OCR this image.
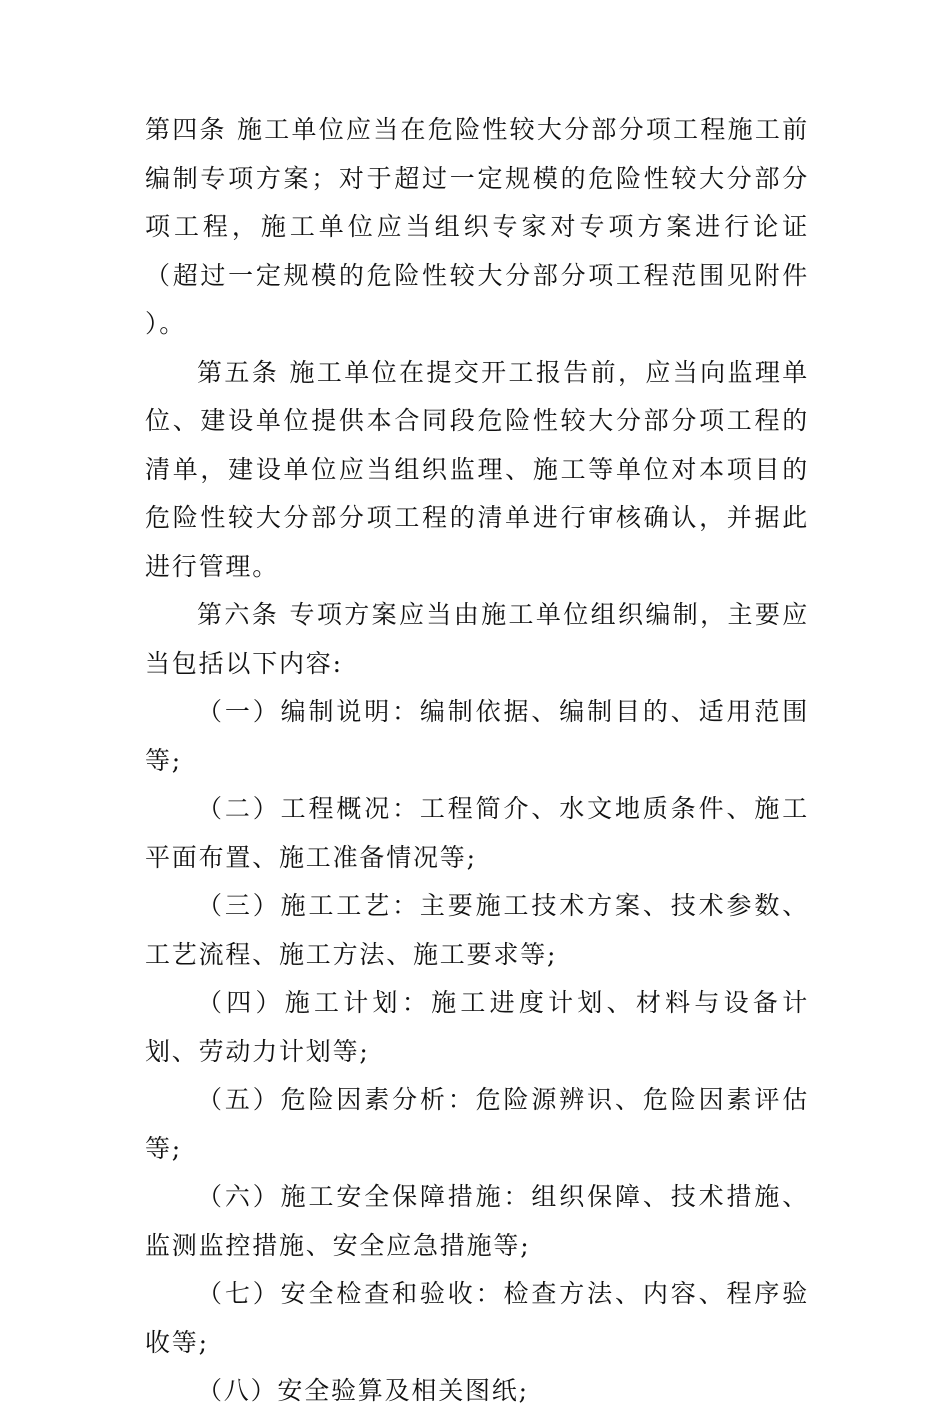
第四条 施工单位应当在危险性较大分部分项工程施工前编制专项方案；对于超过一定规模的危险性较大分部分项工程，施工单位应当组织专家对专项方案进行论证（超过一定规模的危险性较大分部分项工程范围见附件 ）。

第五条 施工单位在提交开工报告前，应当向监理单位、建设单位提供本合同段危险性较大分部分项工程的清单，建设单位应当组织监理、施工等单位对本项目的危险性较大分部分项工程的清单进行审核确认，并据此进行管理。

第六条 专项方案应当由施工单位组织编制，主要应当包括以下内容:

（一）编制说明：编制依据、编制目的、适用范围等;

（二）工程概况：工程简介、水文地质条件、施工平面布置、施工准备情况等;

（三）施工工艺：主要施工技术方案、技术参数、工艺流程、施工方法、施工要求等;

（四）施工计划：施工进度计划、材料与设备计划、劳动力计划等;

（五）危险因素分析：危险源辨识、危险因素评估等;

（六）施工安全保障措施：组织保障、技术措施、监测监控措施、安全应急措施等;

（七）安全检查和验收：检查方法、内容、程序验收等;

（八）安全验算及相关图纸;
